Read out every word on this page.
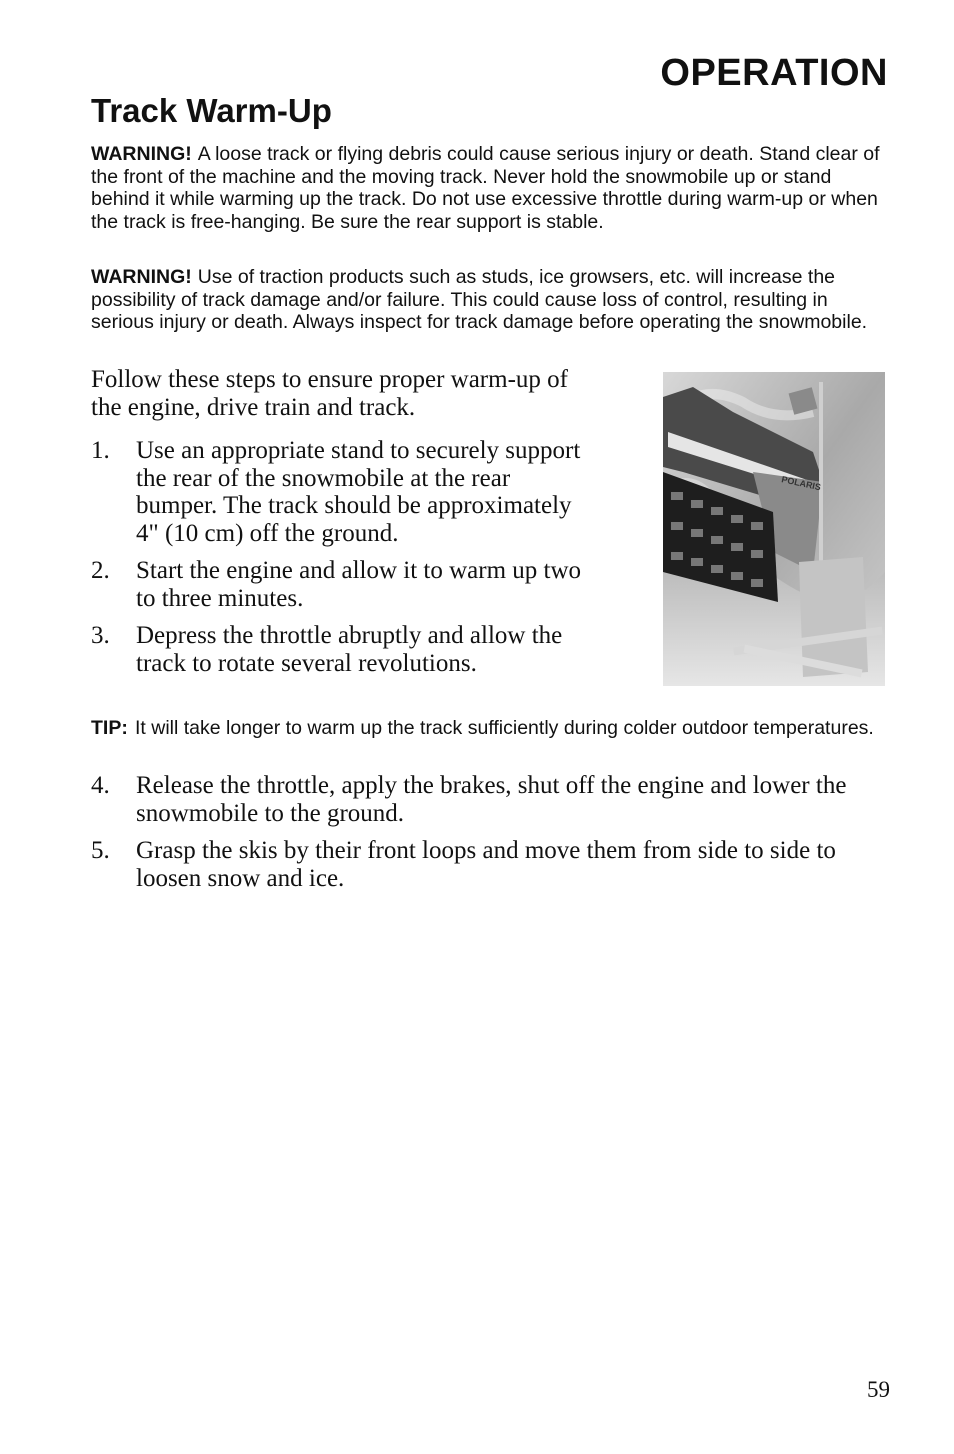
OPERATION
Track Warm-Up

WARNING! A loose track or flying debris could cause serious injury or death. Stand clear of the front of the machine and the moving track. Never hold the snowmobile up or stand behind it while warming up the track. Do not use excessive throttle during warm-up or when the track is free-hanging. Be sure the rear support is stable.

WARNING! Use of traction products such as studs, ice growsers, etc. will increase the possibility of track damage and/or failure. This could cause loss of control, resulting in serious injury or death. Always inspect for track damage before operating the snowmobile.

Follow these steps to ensure proper warm-up of the engine, drive train and track.

1. Use an appropriate stand to securely support the rear of the snowmobile at the rear bumper. The track should be approximately 4" (10 cm) off the ground.
2. Start the engine and allow it to warm up two to three minutes.
3. Depress the throttle abruptly and allow the track to rotate several revolutions.

TIP: It will take longer to warm up the track sufficiently during colder outdoor temperatures.

4. Release the throttle, apply the brakes, shut off the engine and lower the snowmobile to the ground.
5. Grasp the skis by their front loops and move them from side to side to loosen snow and ice.
POLARIS

59
